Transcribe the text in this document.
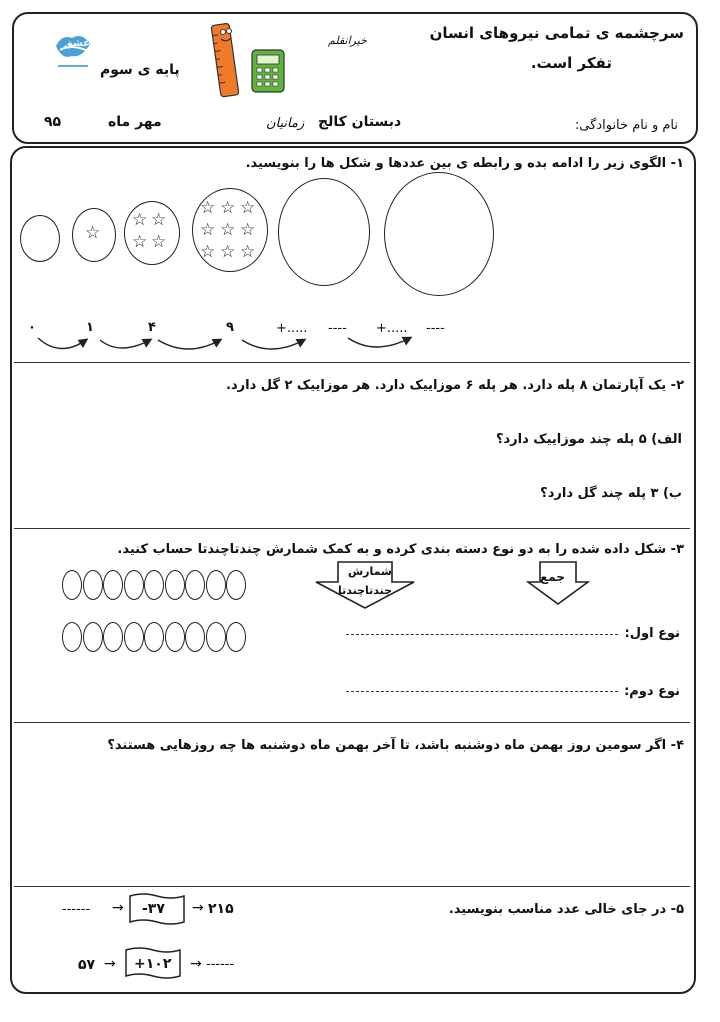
سرچشمه ی تمامی نیروهای انسان
تفکر است.
خیرانقلم
عشق
پایه ی سوم
نام و نام خانوادگی:
دبستان کالج
زمانیان
مهر ماه
۹۵
۱- الگوی زیر را ادامه بده و رابطه ی بین عددها و شکل ها را بنویسید.
☆
☆ ☆
☆ ☆
☆ ☆ ☆
☆ ☆ ☆
☆ ☆ ☆
۰	۱	۴	۹	+..... ---- +..... ----
۲- یک آپارتمان ۸ پله دارد. هر پله ۶ موزاییک دارد. هر موزاییک ۲ گل دارد.
الف) ۵ پله چند موزاییک دارد؟
ب) ۳ پله چند گل دارد؟
۳- شکل داده شده را به دو نوع دسته بندی کرده و به کمک شمارش چندتاچندتا حساب کنید.
شمارش
چندتاچندتا
جمع
نوع اول:
نوع دوم:
۴- اگر سومین روز بهمن ماه دوشنبه باشد، تا آخر بهمن ماه دوشنبه ها چه روزهایی هستند؟
۵- در جای خالی عدد مناسب بنویسید.
------ → -۳۷ → ۲۱۵
۵۷ → +۱۰۲ → ------
